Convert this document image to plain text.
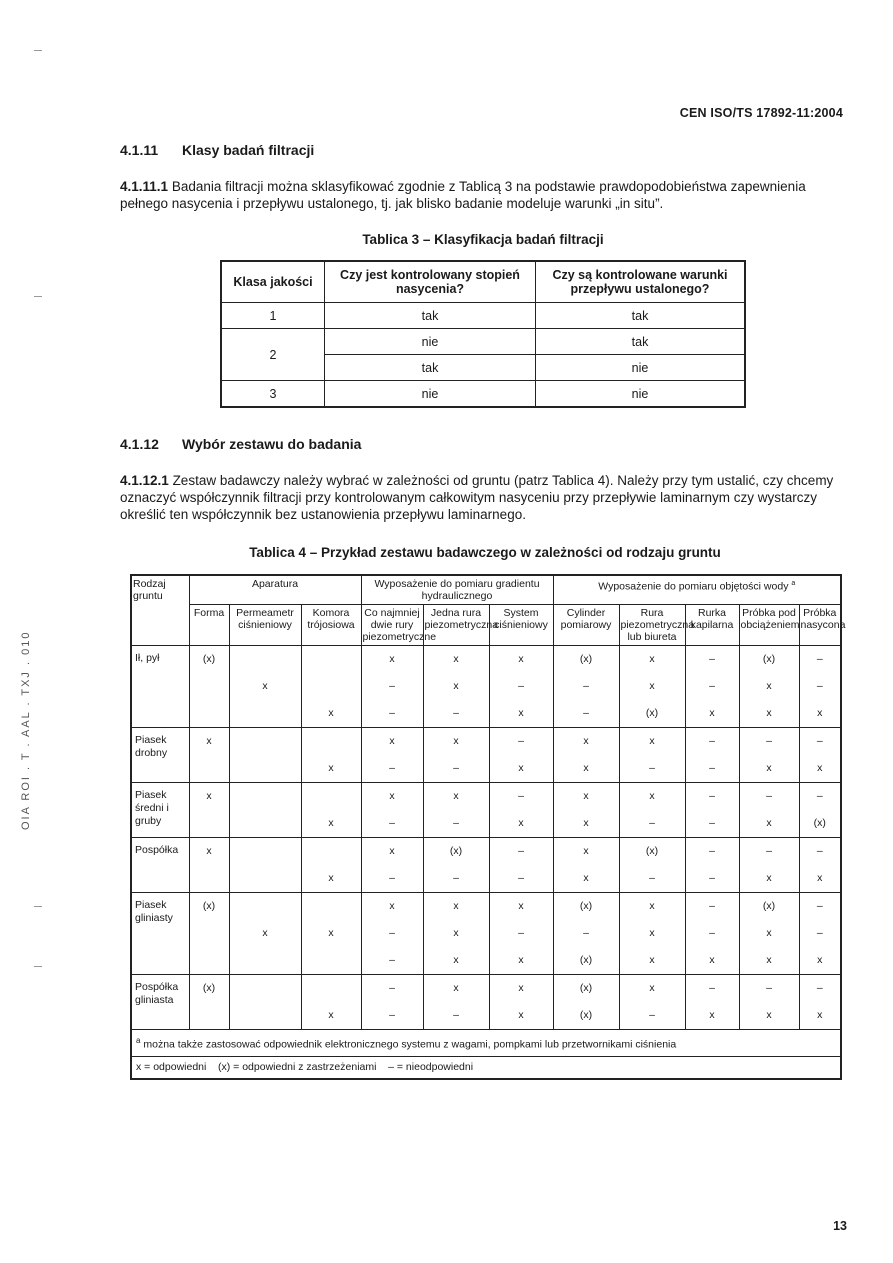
OIA ROI . T . AAL . TXJ . 010
CEN ISO/TS 17892-11:2004
4.1.11 Klasy badań filtracji
4.1.11.1 Badania filtracji można sklasyfikować zgodnie z Tablicą 3 na podstawie prawdopodobieństwa zapewnienia pełnego nasycenia i przepływu ustalonego, tj. jak blisko badanie modeluje warunki „in situ”.
Tablica 3 – Klasyfikacja badań filtracji
Klasa jakości	Czy jest kontrolowany stopień nasycenia?	Czy są kontrolowane warunki przepływu ustalonego?
1	tak	tak
2	nie	tak
	tak	nie
3	nie	nie
4.1.12 Wybór zestawu do badania
4.1.12.1 Zestaw badawczy należy wybrać w zależności od gruntu (patrz Tablica 4). Należy przy tym ustalić, czy chcemy oznaczyć współczynnik filtracji przy kontrolowanym całkowitym nasyceniu przy przepływie laminarnym czy wystarczy określić ten współczynnik bez ustanowienia przepływu laminarnego.
Tablica 4 – Przykład zestawu badawczego w zależności od rodzaju gruntu
Rodzaj gruntu	Aparatura			Wyposażenie do pomiaru gradientu hydraulicznego			Wyposażenie do pomiaru objętości wody $^a$
	Forma	Permeametr ciśnieniowy	Komora trójosiowa	Co najmniej dwie rury piezometryczne	Jedna rura piezometryczna	System ciśnieniowy	Cylinder pomiarowy	Rura piezometryczna lub biureta	Rurka kapilarna	Próbka pod obciążeniem	Próbka nasycona
Ił, pył	(x)			x	x	x	(x)	x	–	(x)	–
		x		–	x	–	–	x	–	x	–
			x	–	–	x	–	(x)	x	x	x
Piasek drobny	x			x	x	–	x	x	–	–	–
			x	–	–	x	x	–	–	x	x
Piasek średni i gruby	x			x	x	–	x	x	–	–	–
			x	–	–	x	x	–	–	x	(x)
Pospółka	x			x	(x)	–	x	(x)	–	–	–
			x	–	–	–	x	–	–	x	x
Piasek gliniasty	(x)			x	x	x	(x)	x	–	(x)	–
		x	x	–	x	–	–	x	–	x	–
				–	x	x	(x)	x	x	x	x
Pospółka gliniasta	(x)			–	x	x	(x)	x	–	–	–
			x	–	–	x	(x)	–	x	x	x
$^a$ można także zastosować odpowiednik elektronicznego systemu z wagami, pompkami lub przetwornikami ciśnienia											
x = odpowiedni    (x) = odpowiedni z zastrzeżeniami    – = nieodpowiedni											
13
